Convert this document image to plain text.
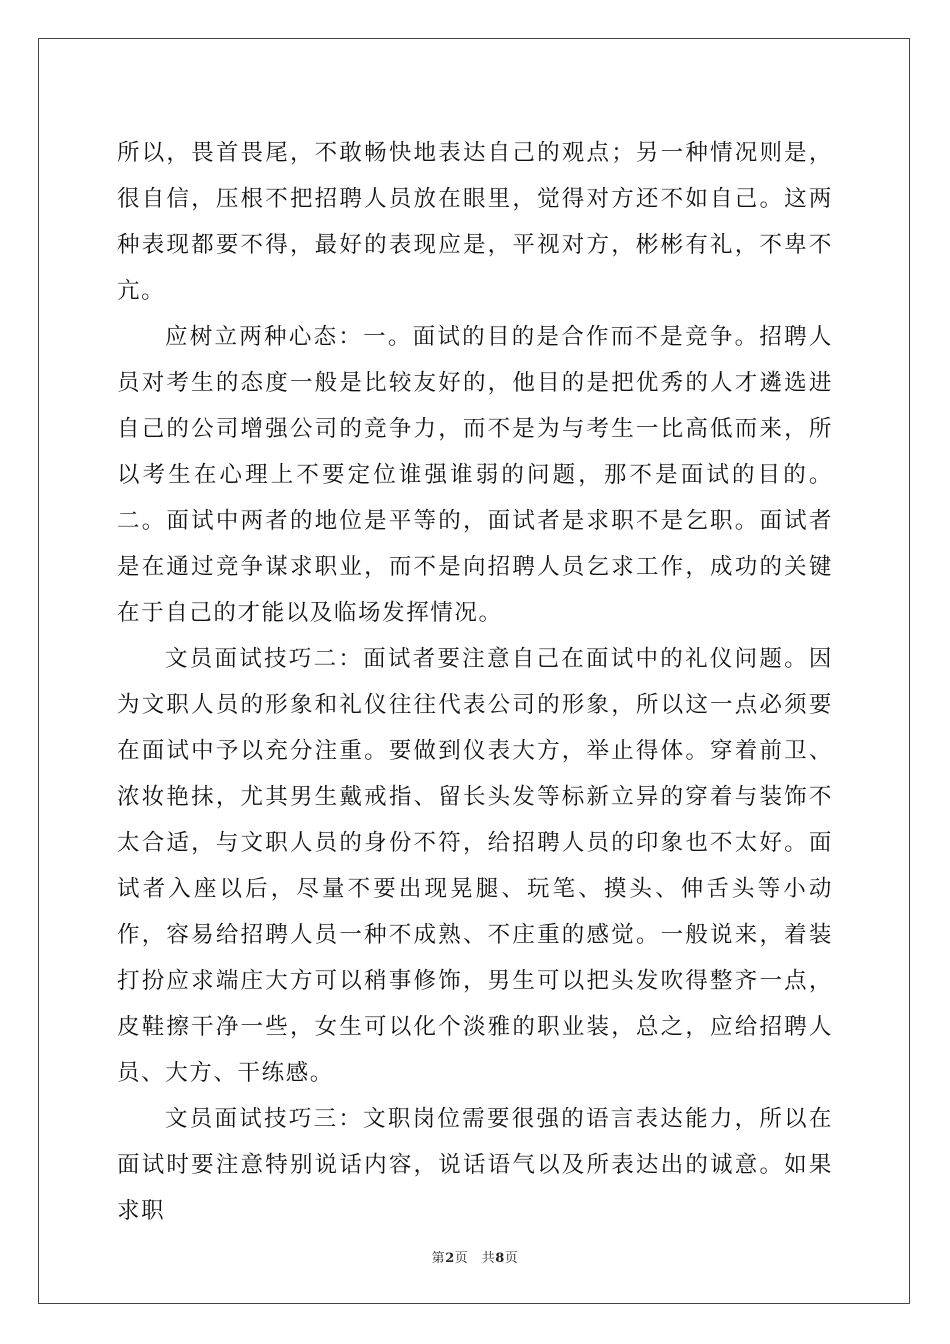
所以，畏首畏尾，不敢畅快地表达自己的观点；另一种情况则是，很自信，压根不把招聘人员放在眼里，觉得对方还不如自己。这两种表现都要不得，最好的表现应是，平视对方，彬彬有礼，不卑不亢。

应树立两种心态：一。面试的目的是合作而不是竞争。招聘人员对考生的态度一般是比较友好的，他目的是把优秀的人才遴选进自己的公司增强公司的竞争力，而不是为与考生一比高低而来，所以考生在心理上不要定位谁强谁弱的问题，那不是面试的目的。二。面试中两者的地位是平等的，面试者是求职不是乞职。面试者是在通过竞争谋求职业，而不是向招聘人员乞求工作，成功的关键在于自己的才能以及临场发挥情况。

文员面试技巧二：面试者要注意自己在面试中的礼仪问题。因为文职人员的形象和礼仪往往代表公司的形象，所以这一点必须要在面试中予以充分注重。要做到仪表大方，举止得体。穿着前卫、浓妆艳抹，尤其男生戴戒指、留长头发等标新立异的穿着与装饰不太合适，与文职人员的身份不符，给招聘人员的印象也不太好。面试者入座以后，尽量不要出现晃腿、玩笔、摸头、伸舌头等小动作，容易给招聘人员一种不成熟、不庄重的感觉。一般说来，着装打扮应求端庄大方可以稍事修饰，男生可以把头发吹得整齐一点，皮鞋擦干净一些，女生可以化个淡雅的职业装，总之，应给招聘人员、大方、干练感。

文员面试技巧三：文职岗位需要很强的语言表达能力，所以在面试时要注意特别说话内容，说话语气以及所表达出的诚意。如果求职

第2页　共8页
